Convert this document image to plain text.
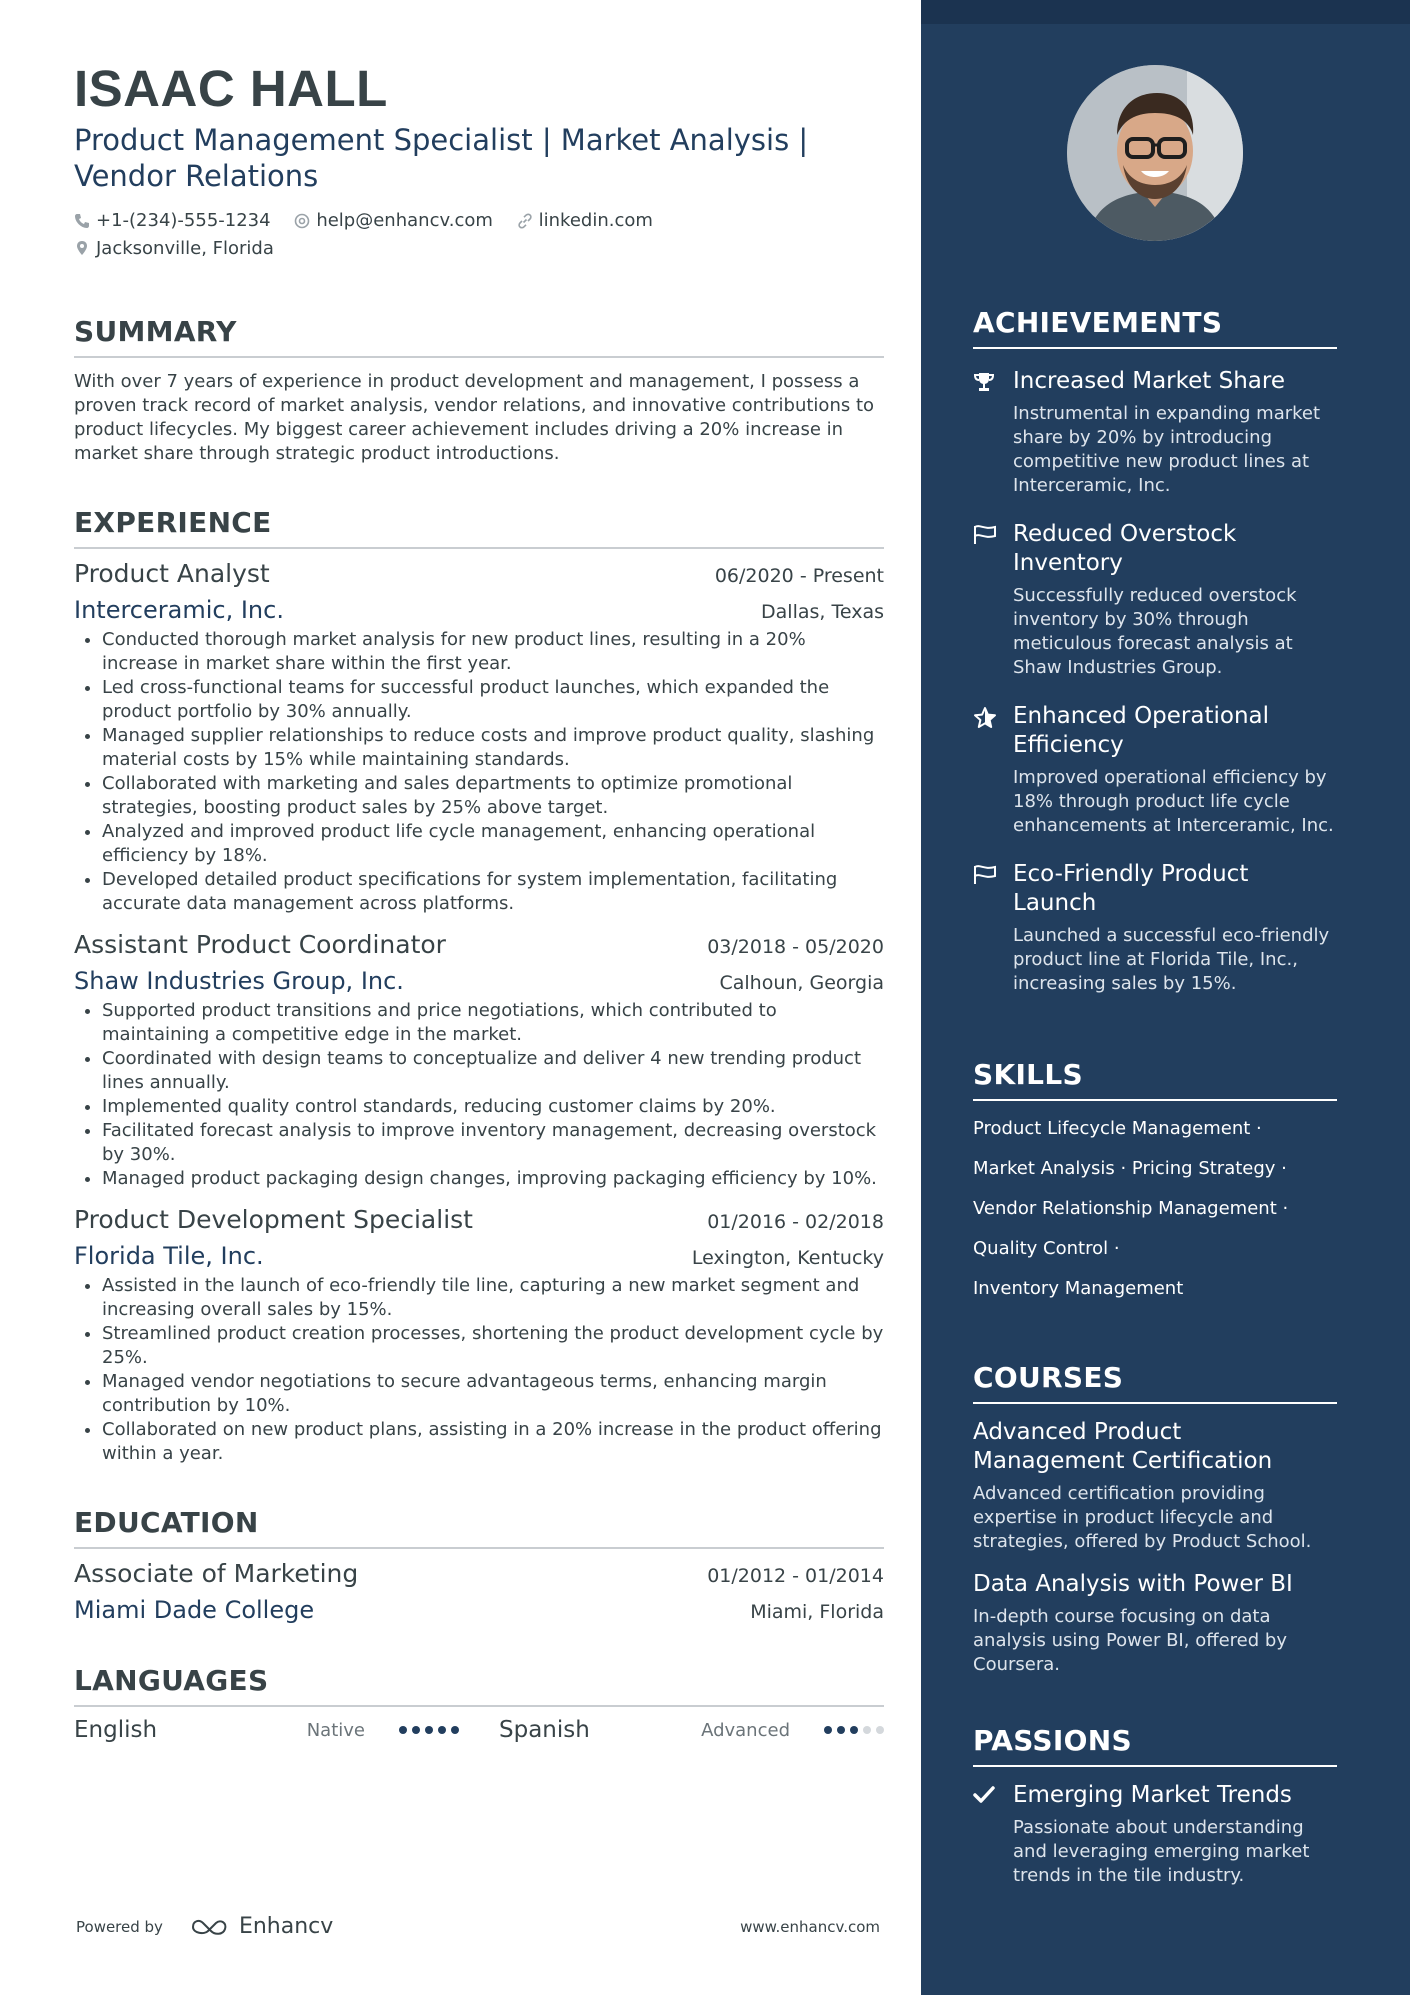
ISAAC HALL
Product Management Specialist | Market Analysis |
Vendor Relations
+1-(234)-555-1234
	help@enhancv.com
	linkedin.com
Jacksonville, Florida
SUMMARY
With over 7 years of experience in product development and management, I possess a proven track record of market analysis, vendor relations, and innovative contributions to product lifecycles. My biggest career achievement includes driving a 20% increase in market share through strategic product introductions.
EXPERIENCE
Product Analyst	06/2020 - Present
Interceramic, Inc.	Dallas, Texas
• Conducted thorough market analysis for new product lines, resulting in a 20% increase in market share within the first year.
• Led cross-functional teams for successful product launches, which expanded the product portfolio by 30% annually.
• Managed supplier relationships to reduce costs and improve product quality, slashing material costs by 15% while maintaining standards.
• Collaborated with marketing and sales departments to optimize promotional strategies, boosting product sales by 25% above target.
• Analyzed and improved product life cycle management, enhancing operational efficiency by 18%.
• Developed detailed product specifications for system implementation, facilitating accurate data management across platforms.
Assistant Product Coordinator	03/2018 - 05/2020
Shaw Industries Group, Inc.	Calhoun, Georgia
• Supported product transitions and price negotiations, which contributed to maintaining a competitive edge in the market.
• Coordinated with design teams to conceptualize and deliver 4 new trending product lines annually.
• Implemented quality control standards, reducing customer claims by 20%.
• Facilitated forecast analysis to improve inventory management, decreasing overstock by 30%.
• Managed product packaging design changes, improving packaging efficiency by 10%.
Product Development Specialist	01/2016 - 02/2018
Florida Tile, Inc.	Lexington, Kentucky
• Assisted in the launch of eco-friendly tile line, capturing a new market segment and increasing overall sales by 15%.
• Streamlined product creation processes, shortening the product development cycle by 25%.
• Managed vendor negotiations to secure advantageous terms, enhancing margin contribution by 10%.
• Collaborated on new product plans, assisting in a 20% increase in the product offering within a year.
EDUCATION
Associate of Marketing	01/2012 - 01/2014
Miami Dade College	Miami, Florida
LANGUAGES
English	Native	Spanish	Advanced
Powered by	Enhancv	www.enhancv.com
ACHIEVEMENTS
Increased Market Share
Instrumental in expanding market share by 20% by introducing competitive new product lines at Interceramic, Inc.
Reduced Overstock Inventory
Successfully reduced overstock inventory by 30% through meticulous forecast analysis at Shaw Industries Group.
Enhanced Operational Efficiency
Improved operational efficiency by 18% through product life cycle enhancements at Interceramic, Inc.
Eco-Friendly Product Launch
Launched a successful eco-friendly product line at Florida Tile, Inc., increasing sales by 15%.
SKILLS
Product Lifecycle Management ·
Market Analysis · Pricing Strategy ·
Vendor Relationship Management ·
Quality Control ·
Inventory Management
COURSES
Advanced Product Management Certification
Advanced certification providing expertise in product lifecycle and strategies, offered by Product School.
Data Analysis with Power BI
In-depth course focusing on data analysis using Power BI, offered by Coursera.
PASSIONS
Emerging Market Trends
Passionate about understanding and leveraging emerging market trends in the tile industry.
